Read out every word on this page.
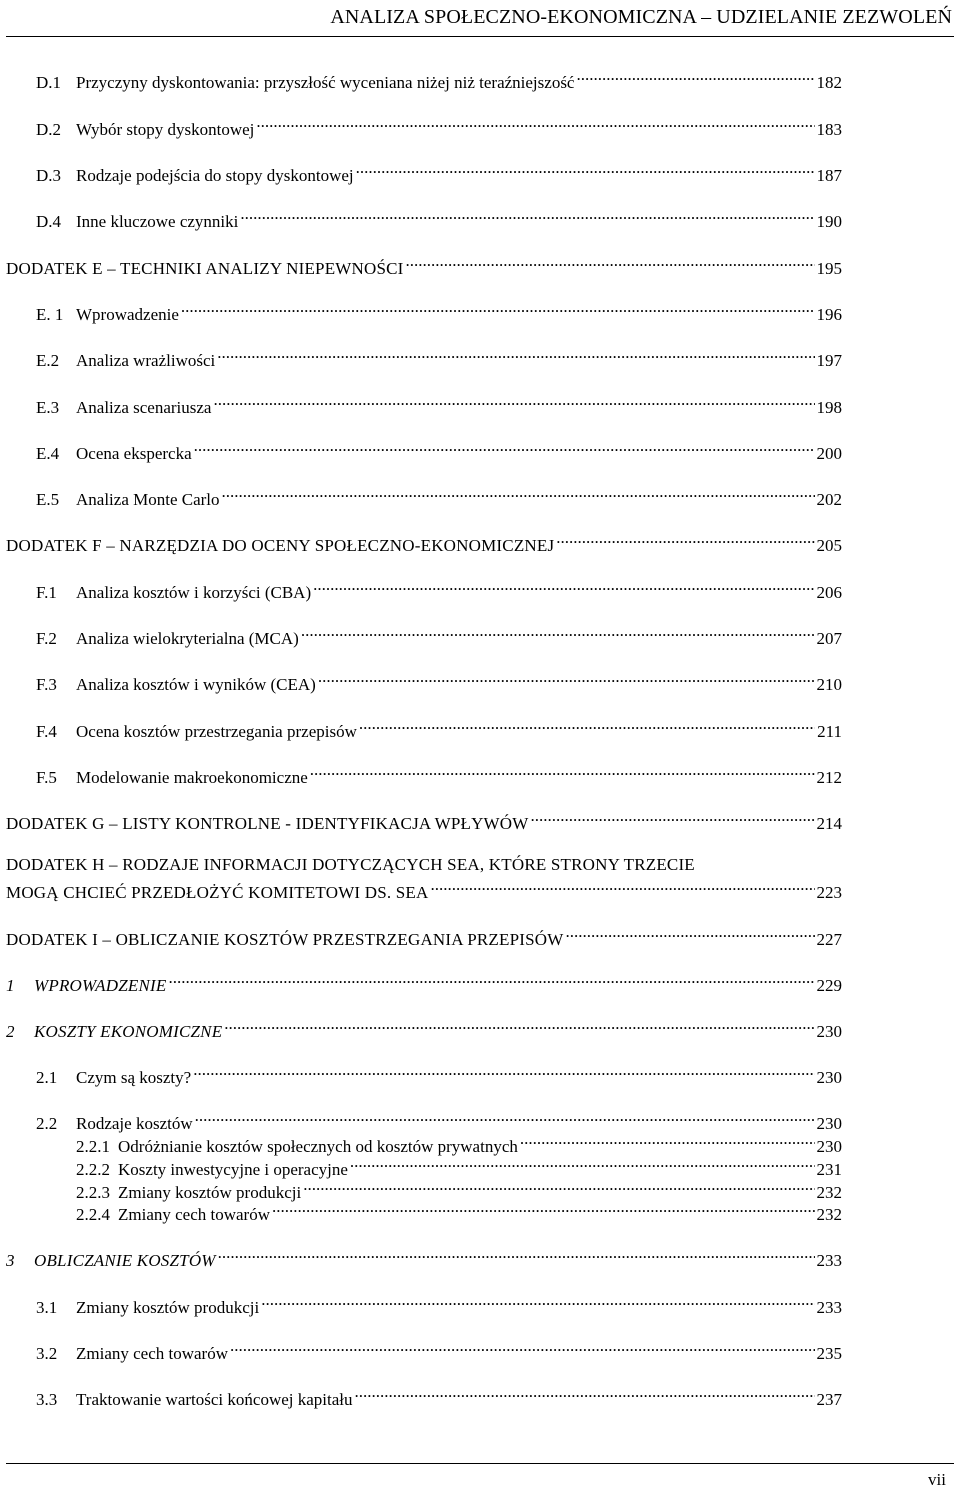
ANALIZA SPOŁECZNO-EKONOMICZNA – UDZIELANIE ZEZWOLEŃ
D.1 Przyczyny dyskontowania: przyszłość wyceniana niżej niż teraźniejszość .....	182
D.2 Wybór stopy dyskontowej .....	183
D.3 Rodzaje podejścia do stopy dyskontowej .....	187
D.4 Inne kluczowe czynniki .....	190
DODATEK E – TECHNIKI ANALIZY NIEPEWNOŚCI .....	195
E. 1 Wprowadzenie .....	196
E.2 Analiza wrażliwości .....	197
E.3 Analiza scenariusza .....	198
E.4 Ocena ekspercka .....	200
E.5 Analiza Monte Carlo .....	202
DODATEK F – NARZĘDZIA DO OCENY SPOŁECZNO-EKONOMICZNEJ .....	205
F.1	Analiza kosztów i korzyści (CBA) .....	206
F.2	Analiza wielokryterialna (MCA) .....	207
F.3	Analiza kosztów i wyników (CEA) .....	210
F.4	Ocena kosztów przestrzegania przepisów .....	211
F.5	Modelowanie makroekonomiczne .....	212
DODATEK G – LISTY KONTROLNE - IDENTYFIKACJA WPŁYWÓW .....	214
DODATEK H – RODZAJE INFORMACJI DOTYCZĄCYCH SEA, KTÓRE STRONY TRZECIE
MOGĄ CHCIEĆ PRZEDŁOŻYĆ KOMITETOWI DS. SEA .....	223
DODATEK I – OBLICZANIE KOSZTÓW PRZESTRZEGANIA PRZEPISÓW .....	227
1	WPROWADZENIE .....	229
2	KOSZTY EKONOMICZNE .....	230
2.1	Czym są koszty? .....	230
2.2	Rodzaje kosztów .....	230
2.2.1 Odróżnianie kosztów społecznych od kosztów prywatnych .....	230
2.2.2 Koszty inwestycyjne i operacyjne .....	231
2.2.3 Zmiany kosztów produkcji .....	232
2.2.4 Zmiany cech towarów .....	232
3	OBLICZANIE KOSZTÓW .....	233
3.1	Zmiany kosztów produkcji .....	233
3.2	Zmiany cech towarów .....	235
3.3	Traktowanie wartości końcowej kapitału .....	237
vii
